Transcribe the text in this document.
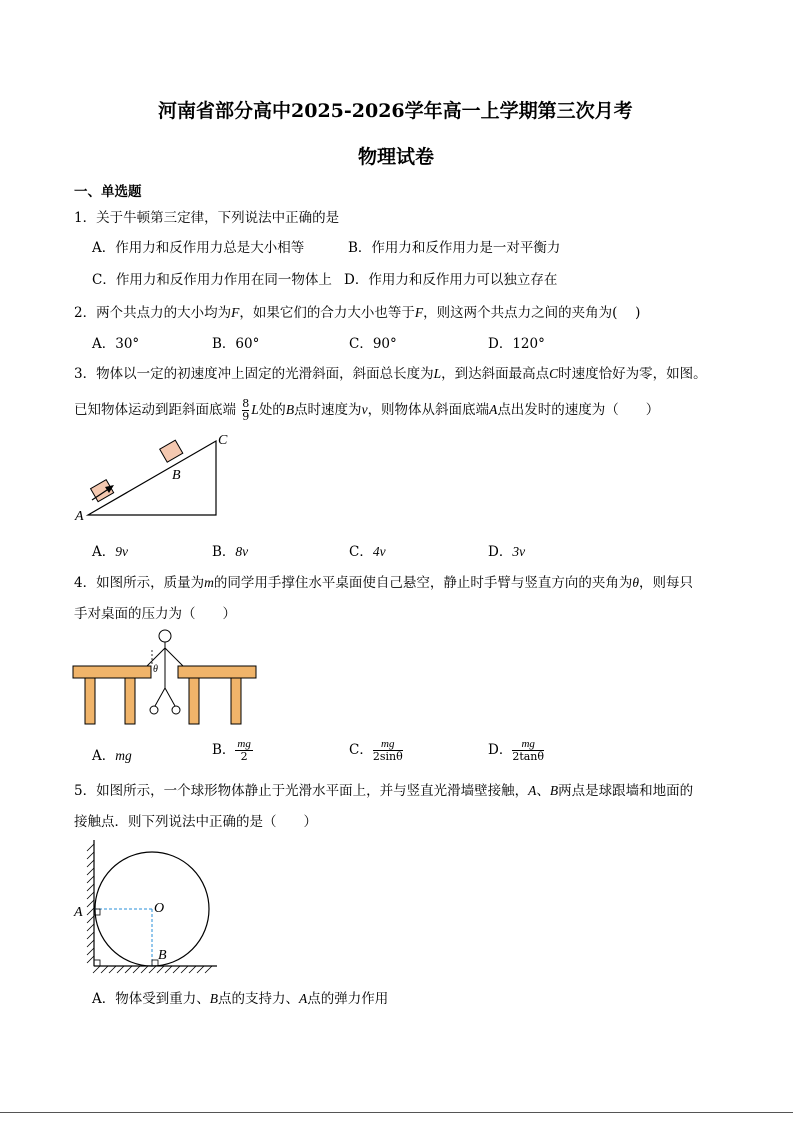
河南省部分高中2025-2026学年高一上学期第三次月考
物理试卷
一、单选题
1．关于牛顿第三定律，下列说法中正确的是
A．作用力和反作用力总是大小相等	B．作用力和反作用力是一对平衡力
C．作用力和反作用力作用在同一物体上 D．作用力和反作用力可以独立存在
2．两个共点力的大小均为F，如果它们的合力大小也等于F，则这两个共点力之间的夹角为(　 )
A．30°	B．60°	C．90°	D．120°
3．物体以一定的初速度冲上固定的光滑斜面，斜面总长度为L，到达斜面最高点C时速度恰好为零，如图。
已知物体运动到距斜面底端 $\frac{8}{9}$ L处的B点时速度为v，则物体从斜面底端A点出发时的速度为（　　）
A
B
C
A．9v	B．8v	C．4v	D．3v
4．如图所示，质量为m的同学用手撑住水平桌面使自己悬空，静止时手臂与竖直方向的夹角为θ，则每只
手对桌面的压力为（　　）
θ
A．mg	B． $\frac{mg}{2}$	C． $\frac{mg}{2\sin\theta}$	D． $\frac{mg}{2\tan\theta}$
5．如图所示，一个球形物体静止于光滑水平面上，并与竖直光滑墙壁接触，A、B两点是球跟墙和地面的
接触点．则下列说法中正确的是（　　）
A	O
B
A．物体受到重力、B点的支持力、A点的弹力作用
